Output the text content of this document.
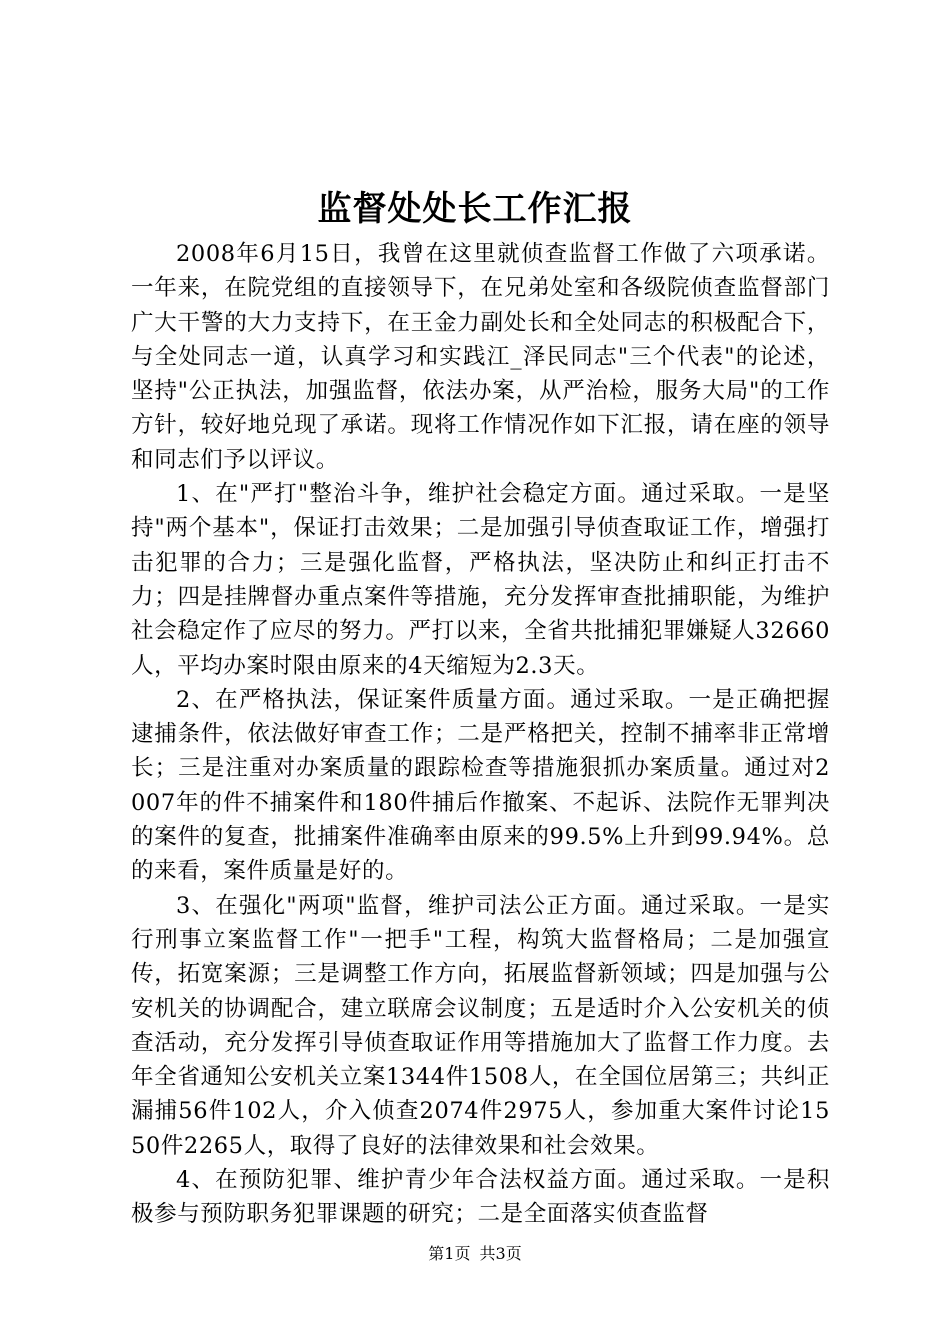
监督处处长工作汇报

2008年6月15日，我曾在这里就侦查监督工作做了六项承诺。一年来，在院党组的直接领导下，在兄弟处室和各级院侦查监督部门广大干警的大力支持下，在王金力副处长和全处同志的积极配合下，与全处同志一道，认真学习和实践江_泽民同志"三个代表"的论述，坚持"公正执法，加强监督，依法办案，从严治检，服务大局"的工作方针，较好地兑现了承诺。现将工作情况作如下汇报，请在座的领导和同志们予以评议。

1、在"严打"整治斗争，维护社会稳定方面。通过采取。一是坚持"两个基本"，保证打击效果；二是加强引导侦查取证工作，增强打击犯罪的合力；三是强化监督，严格执法，坚决防止和纠正打击不力；四是挂牌督办重点案件等措施，充分发挥审查批捕职能，为维护社会稳定作了应尽的努力。严打以来，全省共批捕犯罪嫌疑人32660人，平均办案时限由原来的4天缩短为2.3天。

2、在严格执法，保证案件质量方面。通过采取。一是正确把握逮捕条件，依法做好审查工作；二是严格把关，控制不捕率非正常增长；三是注重对办案质量的跟踪检查等措施狠抓办案质量。通过对2007年的件不捕案件和180件捕后作撤案、不起诉、法院作无罪判决的案件的复查，批捕案件准确率由原来的99.5%上升到99.94%。总的来看，案件质量是好的。

3、在强化"两项"监督，维护司法公正方面。通过采取。一是实行刑事立案监督工作"一把手"工程，构筑大监督格局；二是加强宣传，拓宽案源；三是调整工作方向，拓展监督新领域；四是加强与公安机关的协调配合，建立联席会议制度；五是适时介入公安机关的侦查活动，充分发挥引导侦查取证作用等措施加大了监督工作力度。去年全省通知公安机关立案1344件1508人，在全国位居第三；共纠正漏捕56件102人，介入侦查2074件2975人，参加重大案件讨论1550件2265人，取得了良好的法律效果和社会效果。

4、在预防犯罪、维护青少年合法权益方面。通过采取。一是积极参与预防职务犯罪课题的研究；二是全面落实侦查监督

第1页 共3页
